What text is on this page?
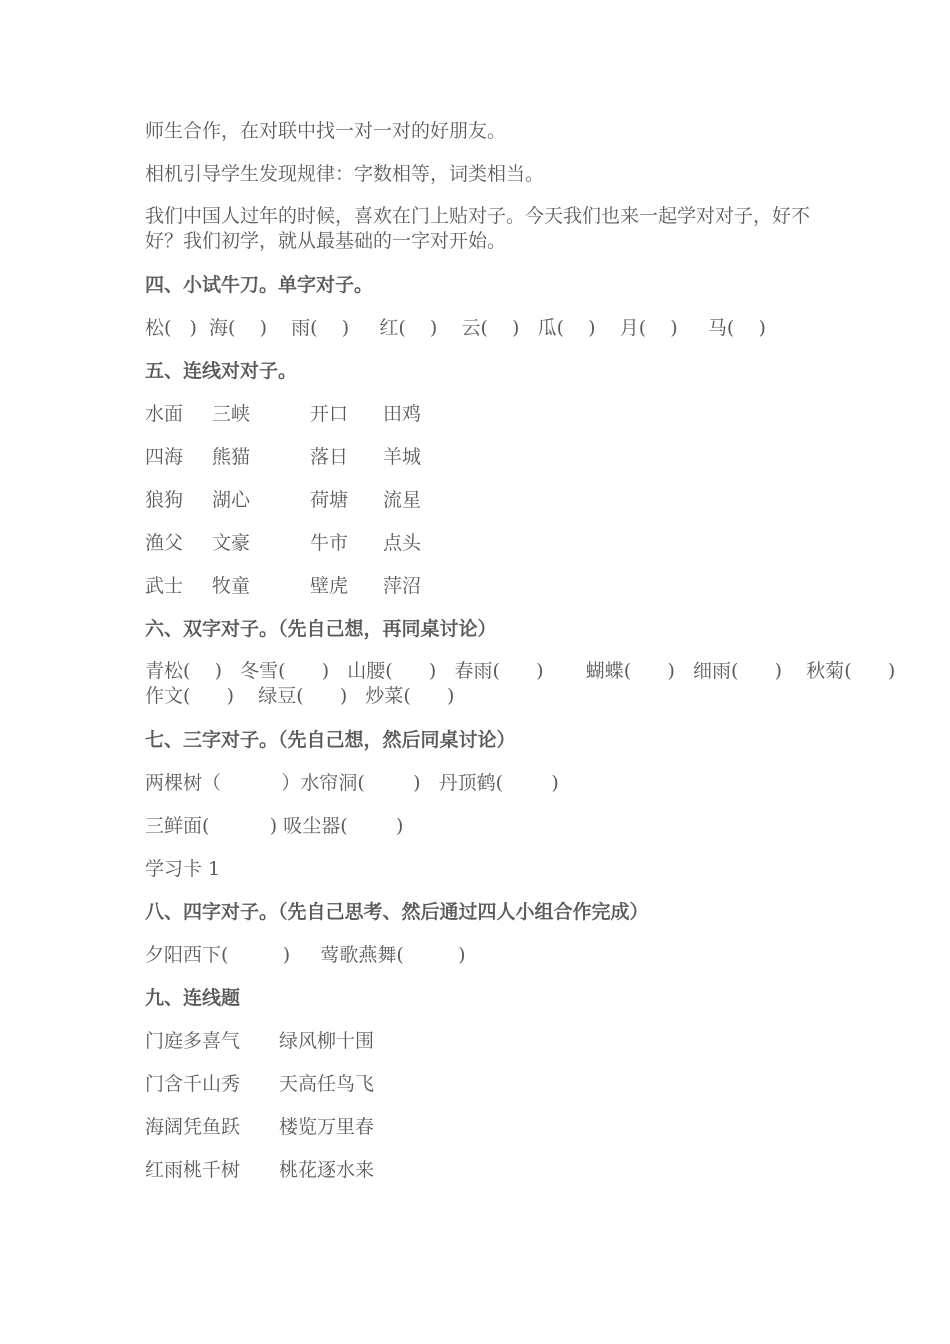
师生合作，在对联中找一对一对的好朋友。

相机引导学生发现规律：字数相等，词类相当。

我们中国人过年的时候，喜欢在门上贴对子。今天我们也来一起学对对子，好不好？我们初学，就从最基础的一字对开始。

四、小试牛刀。单字对子。

松(   )  海(    )    雨(    )     红(    )    云(    )   瓜(    )    月(    )     马(    )

五、连线对对子。

水面	三峡	开口	田鸡
四海	熊猫	落日	羊城
狼狗	湖心	荷塘	流星
渔父	文豪	牛市	点头
武士	牧童	壁虎	萍沼

六、双字对子。（先自己想，再同桌讨论）

青松(    )   冬雪(      )   山腰(      )   春雨(      )       蝴蝶(      )   细雨(      )    秋菊(      )
作文(      )    绿豆(      )   炒菜(      )

七、三字对子。（先自己想，然后同桌讨论）

两棵树（          ）水帘洞(        )   丹顶鹤(        )

三鲜面(          ) 吸尘器(        )

学习卡 1

八、四字对子。（先自己思考、然后通过四人小组合作完成）

夕阳西下(         )     莺歌燕舞(         )

九、连线题

门庭多喜气	绿风柳十围
门含千山秀	天高任鸟飞
海阔凭鱼跃	楼览万里春
红雨桃千树	桃花逐水来
